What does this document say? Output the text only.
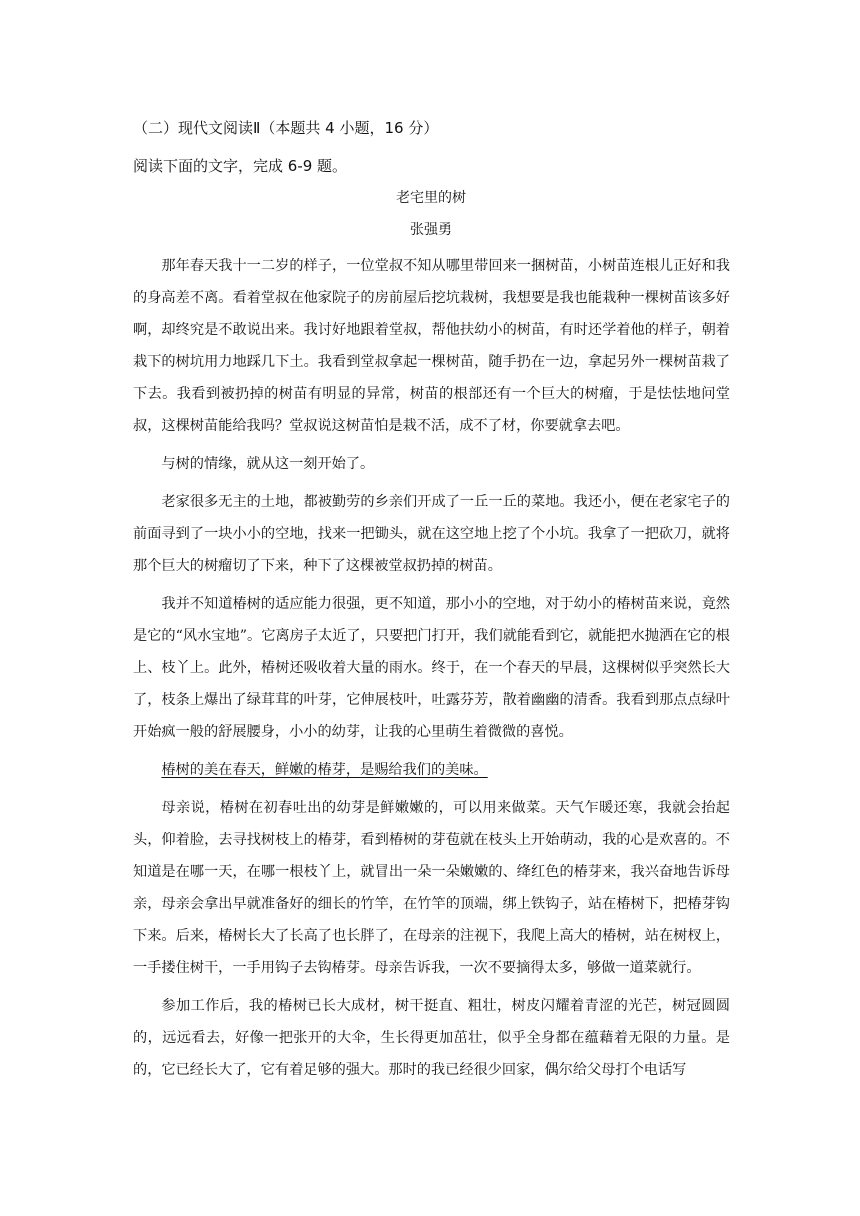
（二）现代文阅读Ⅱ（本题共 4 小题，16 分）
阅读下面的文字，完成 6-9 题。
老宅里的树
张强勇

那年春天我十一二岁的样子，一位堂叔不知从哪里带回来一捆树苗，小树苗连根儿正好和我的身高差不离。看着堂叔在他家院子的房前屋后挖坑栽树，我想要是我也能栽种一棵树苗该多好啊，却终究是不敢说出来。我讨好地跟着堂叔，帮他扶幼小的树苗，有时还学着他的样子，朝着栽下的树坑用力地踩几下土。我看到堂叔拿起一棵树苗，随手扔在一边，拿起另外一棵树苗栽了下去。我看到被扔掉的树苗有明显的异常，树苗的根部还有一个巨大的树瘤，于是怯怯地问堂叔，这棵树苗能给我吗？堂叔说这树苗怕是栽不活，成不了材，你要就拿去吧。

与树的情缘，就从这一刻开始了。

老家很多无主的土地，都被勤劳的乡亲们开成了一丘一丘的菜地。我还小，便在老家宅子的前面寻到了一块小小的空地，找来一把锄头，就在这空地上挖了个小坑。我拿了一把砍刀，就将那个巨大的树瘤切了下来，种下了这棵被堂叔扔掉的树苗。

我并不知道椿树的适应能力很强，更不知道，那小小的空地，对于幼小的椿树苗来说，竟然是它的“风水宝地”。它离房子太近了，只要把门打开，我们就能看到它，就能把水抛洒在它的根上、枝丫上。此外，椿树还吸收着大量的雨水。终于，在一个春天的早晨，这棵树似乎突然长大了，枝条上爆出了绿茸茸的叶芽，它伸展枝叶，吐露芬芳，散着幽幽的清香。我看到那点点绿叶开始疯一般的舒展腰身，小小的幼芽，让我的心里萌生着微微的喜悦。

椿树的美在春天，鲜嫩的椿芽，是赐给我们的美味。

母亲说，椿树在初春吐出的幼芽是鲜嫩嫩的，可以用来做菜。天气乍暖还寒，我就会抬起头，仰着脸，去寻找树枝上的椿芽，看到椿树的芽苞就在枝头上开始萌动，我的心是欢喜的。不知道是在哪一天，在哪一根枝丫上，就冒出一朵一朵嫩嫩的、绛红色的椿芽来，我兴奋地告诉母亲，母亲会拿出早就准备好的细长的竹竿，在竹竿的顶端，绑上铁钩子，站在椿树下，把椿芽钩下来。后来，椿树长大了长高了也长胖了，在母亲的注视下，我爬上高大的椿树，站在树杈上，一手搂住树干，一手用钩子去钩椿芽。母亲告诉我，一次不要摘得太多，够做一道菜就行。

参加工作后，我的椿树已长大成材，树干挺直、粗壮，树皮闪耀着青涩的光芒，树冠圆圆的，远远看去，好像一把张开的大伞，生长得更加茁壮，似乎全身都在蕴藉着无限的力量。是的，它已经长大了，它有着足够的强大。那时的我已经很少回家，偶尔给父母打个电话写
